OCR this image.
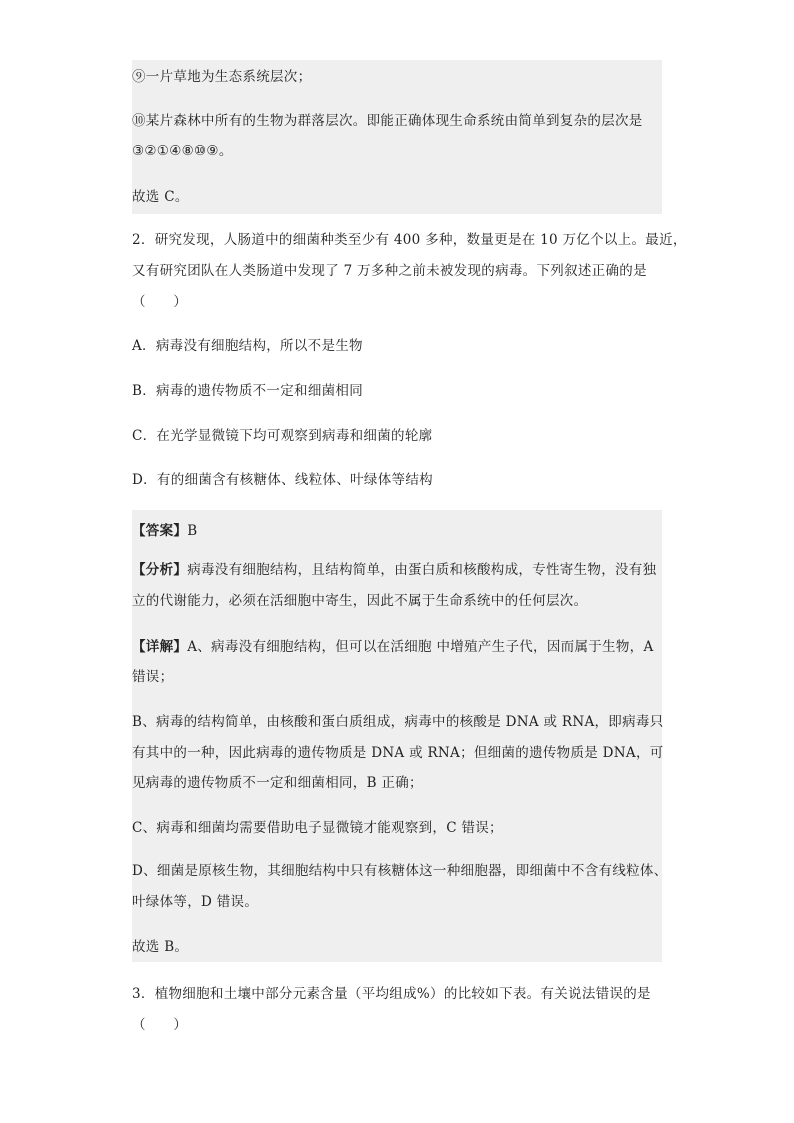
⑨一片草地为生态系统层次；
⑩某片森林中所有的生物为群落层次。即能正确体现生命系统由简单到复杂的层次是
③②①④⑧⑩⑨。
故选 C。
2．研究发现，人肠道中的细菌种类至少有 400 多种，数量更是在 10 万亿个以上。最近，
又有研究团队在人类肠道中发现了 7 万多种之前未被发现的病毒。下列叙述正确的是
（　　）
A．病毒没有细胞结构，所以不是生物
B．病毒的遗传物质不一定和细菌相同
C．在光学显微镜下均可观察到病毒和细菌的轮廓
D．有的细菌含有核糖体、线粒体、叶绿体等结构
【答案】B
【分析】病毒没有细胞结构，且结构简单，由蛋白质和核酸构成，专性寄生物，没有独
立的代谢能力，必须在活细胞中寄生，因此不属于生命系统中的任何层次。
【详解】A、病毒没有细胞结构，但可以在活细胞 中增殖产生子代，因而属于生物，A
错误；
B、病毒的结构简单，由核酸和蛋白质组成，病毒中的核酸是 DNA 或 RNA，即病毒只
有其中的一种，因此病毒的遗传物质是 DNA 或 RNA；但细菌的遗传物质是 DNA，可
见病毒的遗传物质不一定和细菌相同，B 正确；
C、病毒和细菌均需要借助电子显微镜才能观察到，C 错误；
D、细菌是原核生物，其细胞结构中只有核糖体这一种细胞器，即细菌中不含有线粒体、
叶绿体等，D 错误。
故选 B。
3．植物细胞和土壤中部分元素含量（平均组成%）的比较如下表。有关说法错误的是
（　　）
